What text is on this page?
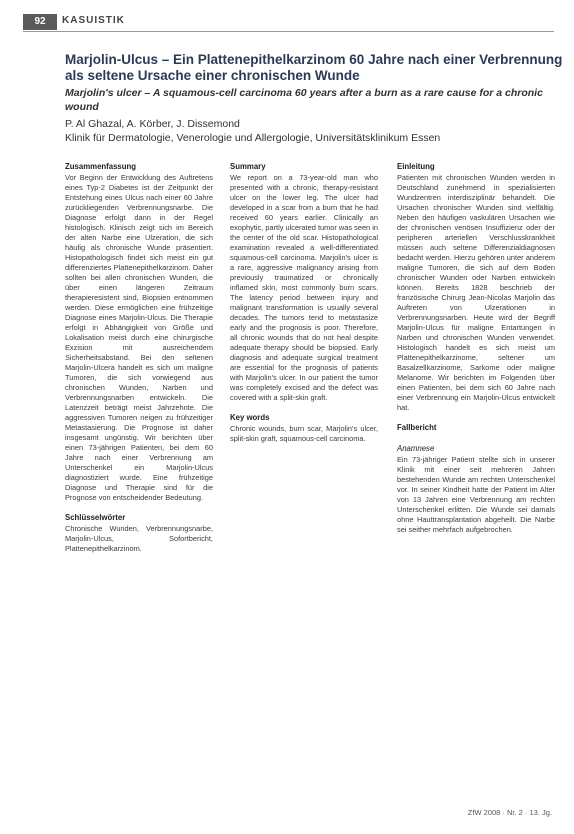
92	KASUISTIK
Marjolin-Ulcus – Ein Plattenepithelkarzinom 60 Jahre nach einer Verbrennung als seltene Ursache einer chronischen Wunde
Marjolin's ulcer – A squamous-cell carcinoma 60 years after a burn as a rare cause for a chronic wound
P. Al Ghazal, A. Körber, J. Dissemond
Klinik für Dermatologie, Venerologie und Allergologie, Universitätsklinikum Essen
Zusammenfassung

Vor Beginn der Entwicklung des Auftretens eines Typ-2 Diabetes ist der Zeitpunkt der Entstehung eines Ulcus nach einer 60 Jahre zurückliegenden Verbrennungsnarbe. Die Diagnose erfolgt dann in der Regel histologisch. Klinisch zeigt sich im Bereich der alten Narbe eine Ulzeration, die sich häufig als chronische Wunde präsentiert. Histopathologisch findet sich meist ein gut differenziertes Plattenepithelkarzinom. Daher sollten bei allen chronischen Wunden, die über einen längeren Zeitraum therapieresistent sind, Biopsien entnommen werden. Diese ermöglichen eine frühzeitige Diagnose eines Marjolin-Ulcus. Die Therapie erfolgt in Abhängigkeit von Größe und Lokalisation meist durch eine chirurgische Exzision mit ausreichendem Sicherheitsabstand. Bei den seltenen Marjolin-Ulcera handelt es sich um maligne Tumoren, die sich vorwiegend aus chronischen Wunden, Narben und Verbrennungsnarben entwickeln. Die Latenzzeit beträgt meist Jahrzehnte. Die aggressiven Tumoren neigen zu frühzeitiger Metastasierung. Die Prognose ist daher insgesamt ungünstig. Wir berichten über einen 73-jährigen Patienten, bei dem 60 Jahre nach einer Verbrennung am Unterschenkel ein Marjolin-Ulcus diagnostiziert wurde. Eine frühzeitige Diagnose und Therapie sind für die Prognose von entscheidender Bedeutung.

Schlüsselwörter

Chronische Wunden, Verbrennungsnarbe, Marjolin-Ulcus, Sofortbericht, Plattenepithelkarzinom.

Summary

We report on a 73-year-old man who presented with a chronic, therapy-resistant ulcer on the lower leg. The ulcer had developed in a scar from a burn that he had received 60 years earlier. Clinically an exophytic, partly ulcerated tumor was seen in the center of the old scar. Histopathological examination revealed a well-differentiated squamous-cell carcinoma. Marjolin's ulcer is a rare, aggressive malignancy arising from previously traumatized or chronically inflamed skin, most commonly burn scars. The latency period between injury and malignant transformation is usually several decades. The tumors tend to metastasize early and the prognosis is poor. Therefore, all chronic wounds that do not heal despite adequate therapy should be biopsied. Early diagnosis and adequate surgical treatment are essential for the prognosis of patients with Marjolin's ulcer. In our patient the tumor was completely excised and the defect was covered with a split-skin graft.

Key words

Chronic wounds, burn scar, Marjolin's ulcer, split-skin graft, squamous-cell carcinoma.

Einleitung

Patienten mit chronischen Wunden werden in Deutschland zunehmend in spezialisierten Wundzentren interdisziplinär behandelt. Die Ursachen chronischer Wunden sind vielfältig. Neben den häufigen vaskulären Ursachen wie der chronischen venösen Insuffizienz oder der peripheren arteriellen Verschlusskrankheit müssen auch seltene Differenzialdiagnosen bedacht werden. Hierzu gehören unter anderem maligne Tumoren, die sich auf dem Boden chronischer Wunden oder Narben entwickeln können. Bereits 1828 beschrieb der französische Chirurg Jean-Nicolas Marjolin das Auftreten von Ulzerationen in Verbrennungsnarben. Heute wird der Begriff Marjolin-Ulcus für maligne Entartungen in Narben und chronischen Wunden verwendet. Histologisch handelt es sich meist um Plattenepithelkarzinome, seltener um Basalzellkarzinome, Sarkome oder maligne Melanome. Wir berichten im Folgenden über einen Patienten, bei dem sich 60 Jahre nach einer Verbrennung ein Marjolin-Ulcus entwickelt hat.

Fallbericht
Anamnese

Ein 73-jähriger Patient stellte sich in unserer Klinik mit einer seit mehreren Jahren bestehenden Wunde am rechten Unterschenkel vor. In seiner Kindheit hatte der Patient im Alter von 13 Jahren eine Verbrennung am rechten Unterschenkel erlitten. Die Wunde sei damals ohne Hauttransplantation abgeheilt. Die Narbe sei seither mehrfach aufgebrochen.

ZfW 2008 · Nr. 2 · 13. Jg.
